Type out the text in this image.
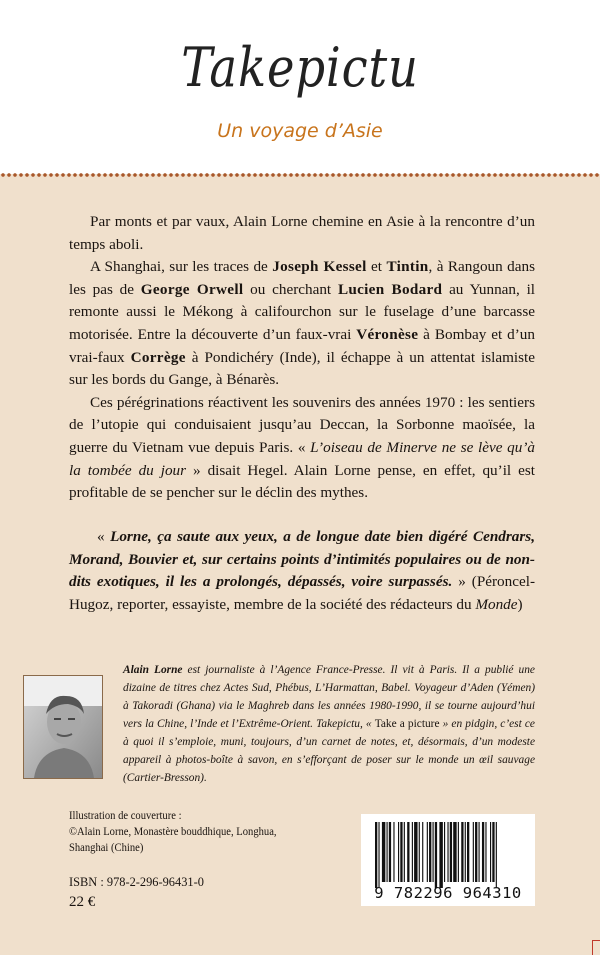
Takepictu
Un voyage d’Asie

Par monts et par vaux, Alain Lorne chemine en Asie à la rencontre d’un temps aboli.

A Shanghai, sur les traces de Joseph Kessel et Tintin, à Rangoun dans les pas de George Orwell ou cherchant Lucien Bodard au Yunnan, il remonte aussi le Mékong à califourchon sur le fuselage d’une barcasse motorisée. Entre la découverte d’un faux-vrai Véronèse à Bombay et d’un vrai-faux Corrège à Pondichéry (Inde), il échappe à un attentat islamiste sur les bords du Gange, à Bénarès.

Ces pérégrinations réactivent les souvenirs des années 1970 : les sentiers de l’utopie qui conduisaient jusqu’au Deccan, la Sorbonne maoïsée, la guerre du Vietnam vue depuis Paris. « L’oiseau de Minerve ne se lève qu’à la tombée du jour » disait Hegel. Alain Lorne pense, en effet, qu’il est profitable de se pencher sur le déclin des mythes.

« Lorne, ça saute aux yeux, a de longue date bien digéré Cendrars, Morand, Bouvier et, sur certains points d’intimités populaires ou de non-dits exotiques, il les a prolongés, dépassés, voire surpassés. » (Péroncel-Hugoz, reporter, essayiste, membre de la société des rédacteurs du Monde)

Alain Lorne est journaliste à l’Agence France-Presse. Il vit à Paris. Il a publié une dizaine de titres chez Actes Sud, Phébus, L’Harmattan, Babel. Voyageur d’Aden (Yémen) à Takoradi (Ghana) via le Maghreb dans les années 1980-1990, il se tourne aujourd’hui vers la Chine, l’Inde et l’Extrême-Orient. Takepictu, « Take a picture » en pidgin, c’est ce à quoi il s’emploie, muni, toujours, d’un carnet de notes, et, désormais, d’un modeste appareil à photos-boîte à savon, en s’efforçant de poser sur le monde un œil sauvage (Cartier-Bresson).

Illustration de couverture :
©Alain Lorne, Monastère bouddhique, Longhua,
Shanghai (Chine)
ISBN : 978-2-296-96431-0
22 €	9 782296 964310
